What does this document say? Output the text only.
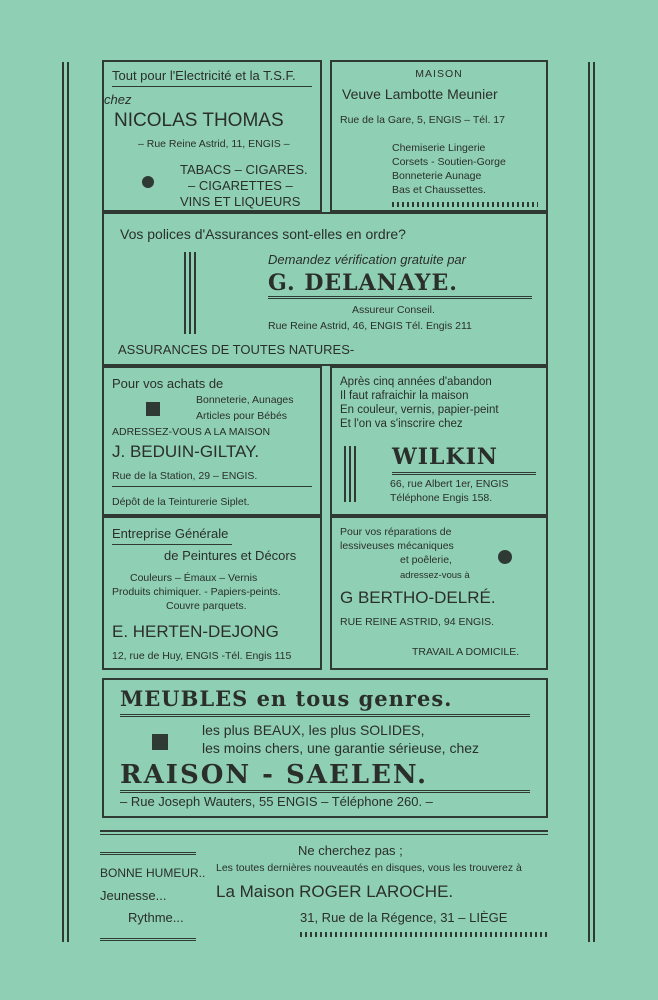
Tout pour l'Electricité et la T.S.F.
chez
NICOLAS THOMAS
– Rue Reine Astrid, 11, ENGIS –
TABACS – CIGARES.
– CIGARETTES –
VINS ET LIQUEURS
MAISON
Veuve Lambotte Meunier
Rue de la Gare, 5, ENGIS – Tél. 17
Chemiserie Lingerie
Corsets - Soutien-Gorge
Bonneterie Aunage
Bas et Chaussettes.
Vos polices d'Assurances sont-elles en ordre?
Demandez vérification gratuite par
G. DELANAYE.
Assureur Conseil.
Rue Reine Astrid, 46, ENGIS Tél. Engis 211
ASSURANCES DE TOUTES NATURES-
Pour vos achats de
Bonneterie, Aunages
Articles pour Bébés
ADRESSEZ-VOUS A LA MAISON
J. BEDUIN-GILTAY.
Rue de la Station, 29 – ENGIS.
Dépôt de la Teinturerie Siplet.
Après cinq années d'abandon
Il faut rafraichir la maison
En couleur, vernis, papier-peint
Et l'on va s'inscrire chez
WILKIN
66, rue Albert 1er, ENGIS
Téléphone Engis 158.
Entreprise Générale
de Peintures et Décors
Couleurs – Émaux – Vernis
Produits chimiquer. - Papiers-peints.
Couvre parquets.
E. HERTEN-DEJONG
12, rue de Huy, ENGIS -Tél. Engis 115
Pour vos réparations de
lessiveuses mécaniques
et poêlerie,
adressez-vous à
G BERTHO-DELRÉ.
RUE REINE ASTRID, 94 ENGIS.
TRAVAIL A DOMICILE.
MEUBLES en tous genres.
les plus BEAUX, les plus SOLIDES,
les moins chers, une garantie sérieuse, chez
RAISON - SAELEN.
– Rue Joseph Wauters, 55 ENGIS – Téléphone 260. –
Ne cherchez pas ;
BONNE HUMEUR..
Jeunesse...
Rythme...
Les toutes dernières nouveautés en disques, vous les trouverez à
La Maison ROGER LAROCHE.
31, Rue de la Régence, 31 – LIÈGE
